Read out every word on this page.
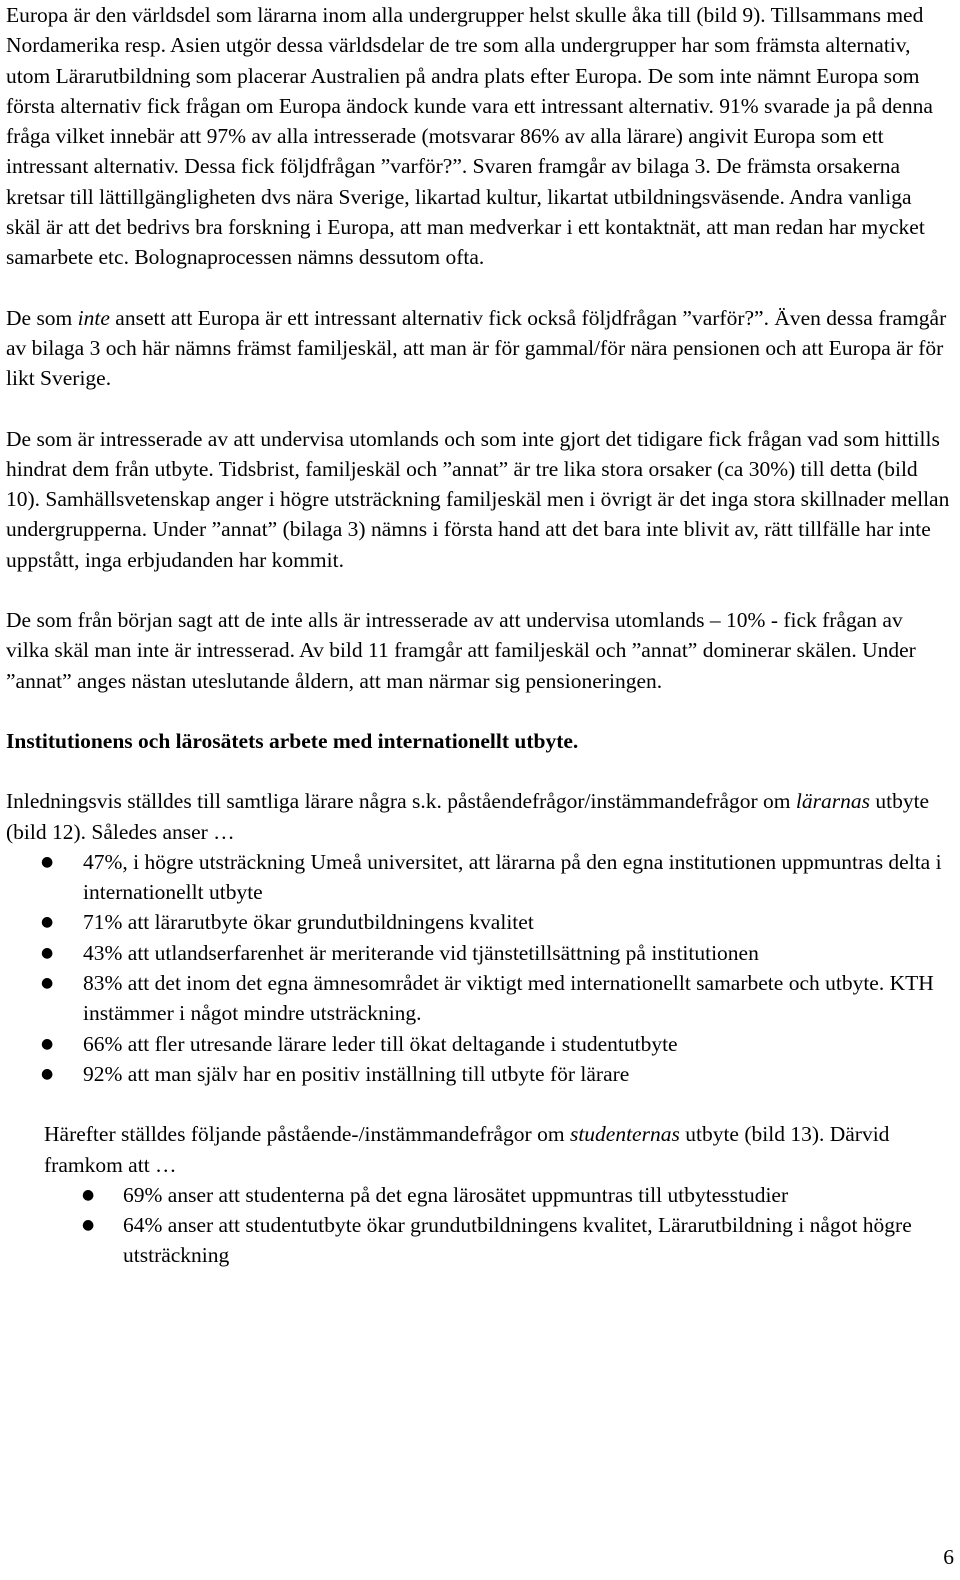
Europa är den världsdel som lärarna inom alla undergrupper helst skulle åka till (bild 9). Tillsammans med Nordamerika resp. Asien utgör dessa världsdelar de tre som alla undergrupper har som främsta alternativ, utom Lärarutbildning som placerar Australien på andra plats efter Europa. De som inte nämnt Europa som första alternativ fick frågan om Europa ändock kunde vara ett intressant alternativ. 91% svarade ja på denna fråga vilket innebär att 97% av alla intresserade (motsvarar 86% av alla lärare) angivit Europa som ett intressant alternativ. Dessa fick följdfrågan ”varför?”. Svaren framgår av bilaga 3. De främsta orsakerna kretsar till lättillgängligheten dvs nära Sverige, likartad kultur, likartat utbildningsväsende. Andra vanliga skäl är att det bedrivs bra forskning i Europa, att man medverkar i ett kontaktnät, att man redan har mycket samarbete etc. Bolognaprocessen nämns dessutom ofta.

De som inte ansett att Europa är ett intressant alternativ fick också följdfrågan ”varför?”. Även dessa framgår av bilaga 3 och här nämns främst familjeskäl, att man är för gammal/för nära pensionen och att Europa är för likt Sverige.

De som är intresserade av att undervisa utomlands och som inte gjort det tidigare fick frågan vad som hittills hindrat dem från utbyte. Tidsbrist, familjeskäl och ”annat” är tre lika stora orsaker (ca 30%) till detta (bild 10). Samhällsvetenskap anger i högre utsträckning familjeskäl men i övrigt är det inga stora skillnader mellan undergrupperna. Under ”annat” (bilaga 3) nämns i första hand att det bara inte blivit av, rätt tillfälle har inte uppstått, inga erbjudanden har kommit.

De som från början sagt att de inte alls är intresserade av att undervisa utomlands – 10% - fick frågan av vilka skäl man inte är intresserad. Av bild 11 framgår att familjeskäl och ”annat” dominerar skälen. Under ”annat” anges nästan uteslutande åldern, att man närmar sig pensioneringen.

Institutionens och lärosätets arbete med internationellt utbyte.

Inledningsvis ställdes till samtliga lärare några s.k. påståendefrågor/instämmandefrågor om lärarnas utbyte (bild 12). Således anser …

● 47%, i högre utsträckning Umeå universitet, att lärarna på den egna institutionen uppmuntras delta i internationellt utbyte
● 71% att lärarutbyte ökar grundutbildningens kvalitet
● 43% att utlandserfarenhet är meriterande vid tjänstetillsättning på institutionen
● 83% att det inom det egna ämnesområdet är viktigt med internationellt samarbete och utbyte. KTH instämmer i något mindre utsträckning.
● 66% att fler utresande lärare leder till ökat deltagande i studentutbyte
● 92% att man själv har en positiv inställning till utbyte för lärare

Härefter ställdes följande påstående-/instämmandefrågor om studenternas utbyte (bild 13). Därvid framkom att …

● 69% anser att studenterna på det egna lärosätet uppmuntras till utbytesstudier
● 64% anser att studentutbyte ökar grundutbildningens kvalitet, Lärarutbildning i något högre utsträckning
6
